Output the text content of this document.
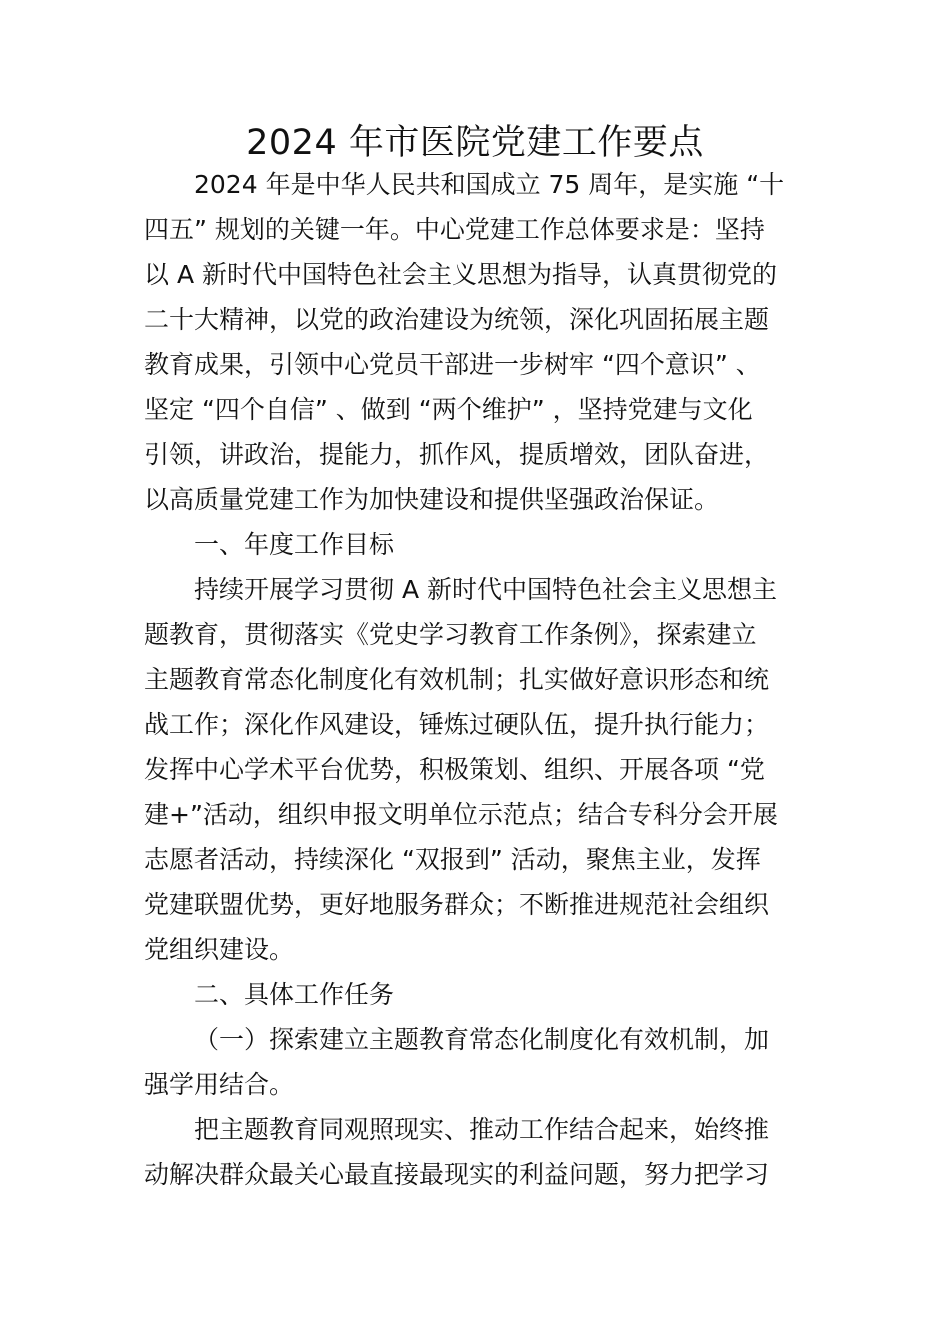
2024 年市医院党建工作要点
2024 年是中华人民共和国成立 75 周年，是实施 “十
四五” 规划的关键一年。中心党建工作总体要求是：坚持
以 A 新时代中国特色社会主义思想为指导，认真贯彻党的
二十大精神，以党的政治建设为统领，深化巩固拓展主题
教育成果，引领中心党员干部进一步树牢 “四个意识” 、
坚定 “四个自信” 、做到 “两个维护” ，坚持党建与文化
引领，讲政治，提能力，抓作风，提质增效，团队奋进，
以高质量党建工作为加快建设和提供坚强政治保证。
一、年度工作目标
持续开展学习贯彻 A 新时代中国特色社会主义思想主
题教育，贯彻落实《党史学习教育工作条例》，探索建立
主题教育常态化制度化有效机制；扎实做好意识形态和统
战工作；深化作风建设，锤炼过硬队伍，提升执行能力；
发挥中心学术平台优势，积极策划、组织、开展各项 “党
建+”活动，组织申报文明单位示范点；结合专科分会开展
志愿者活动，持续深化 “双报到” 活动，聚焦主业，发挥
党建联盟优势，更好地服务群众；不断推进规范社会组织
党组织建设。
二、具体工作任务
（一）探索建立主题教育常态化制度化有效机制，加
强学用结合。
把主题教育同观照现实、推动工作结合起来，始终推
动解决群众最关心最直接最现实的利益问题，努力把学习
